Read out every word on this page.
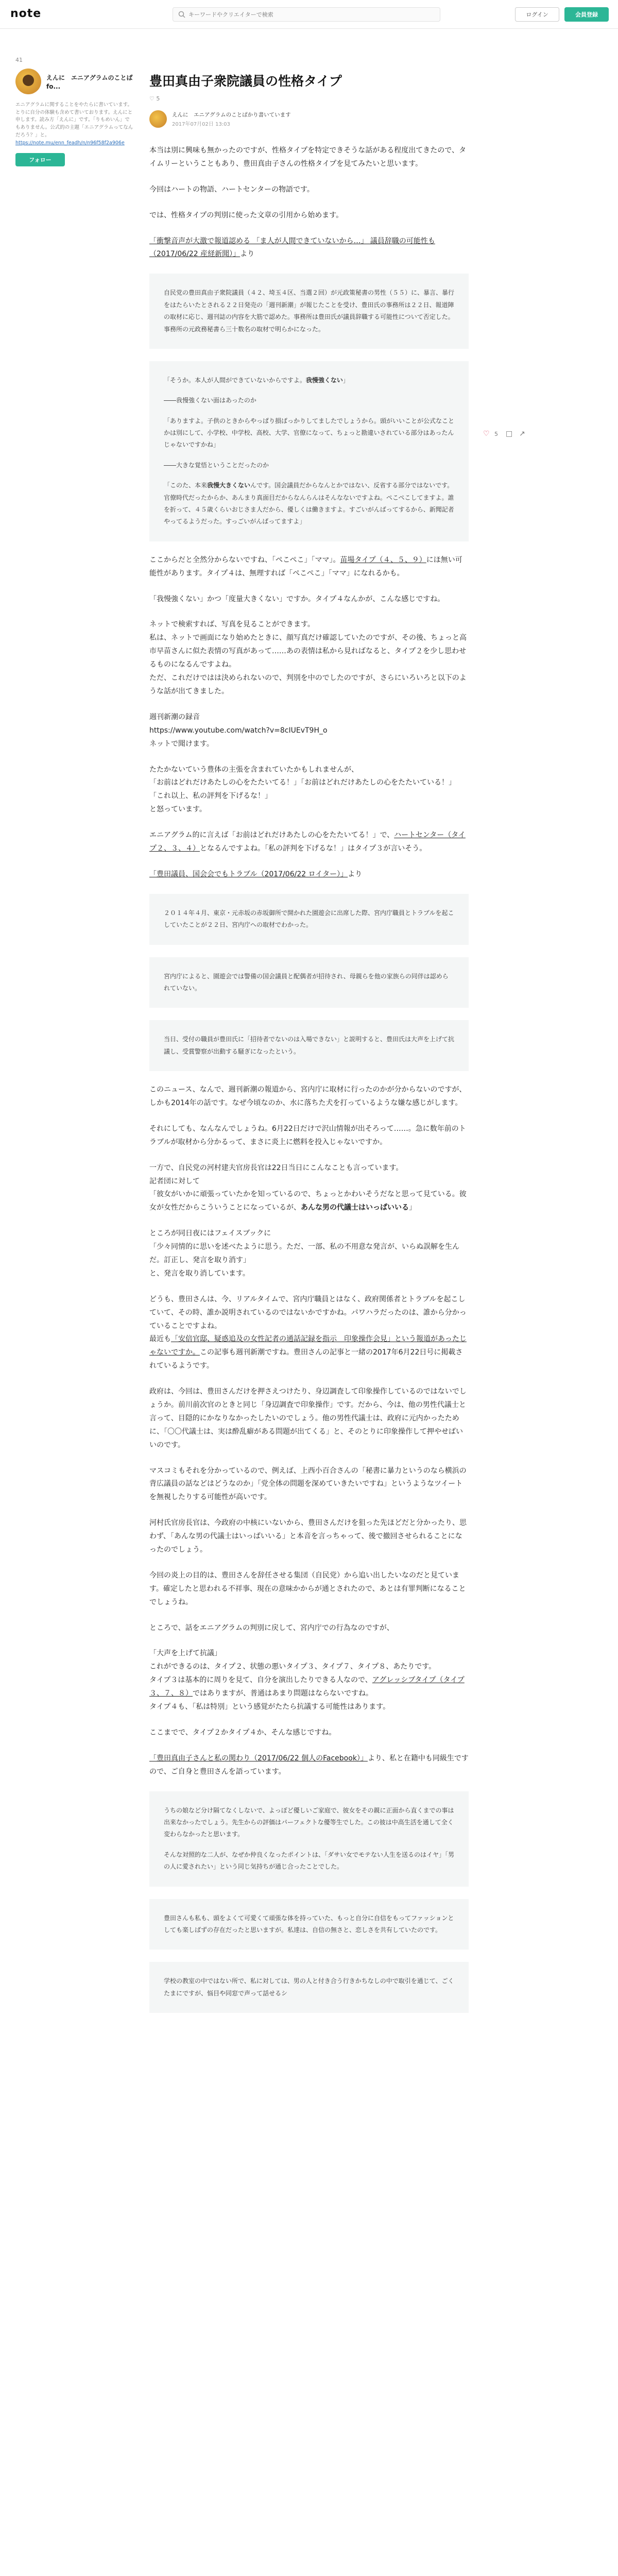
note
キーワードやクリエイターで検索	ログイン	会員登録
41
えんに　エニアグラムのことば fo...
エニアグラムに関することをやたらに書いています。とりに自分の体験も含めて書いております。えんにと申します。読み方「えんに」です。「りもめいん」でもありません。公式的の主題「エニアグラムってなんだろう？」と。
https://note.mu/enn_feadh/n/n96f58f2a906e
フォロー
♡ 5 □ ↗
豊田真由子衆院議員の性格タイプ
♡ 5
えんに　エニアグラムのことばかり書いています
2017年07月02日 13:03

本当は別に興味も無かったのですが、性格タイプを特定できそうな話がある程度出てきたので、タイムリーということもあり、豊田真由子さんの性格タイプを見てみたいと思います。

今回はハートの物語、ハートセンターの物語です。

では、性格タイプの判別に使った文章の引用から始めます。

「衝撃音声が大激で報道認める 「ま人が人間できていないから…」 議員辞職の可能性も（2017/06/22 産経新聞）」より

自民党の豊田真由子衆院議員（４２、埼玉４区、当選２回）が元政策秘書の男性（５５）に、暴言、暴行をはたらいたとされる２２日発売の「週刊新潮」が報じたことを受け、豊田氏の事務所は２２日、報道陣の取材に応じ、週刊誌の内容を大筋で認めた。事務所は豊田氏が議員辞職する可能性について否定した。事務所の元政務秘書ら三十数名の取材で明らかになった。
「そうか。本人が人間ができていないからですよ。我慢強くない」
――我慢強くない面はあったのか
「ありますよ。子供のときからやっぱり損ばっかりしてましたでしょうから。頭がいいことが公式なことかは別にして、小学校、中学校、高校、大学、官僚になって、ちょっと勘違いされている部分はあったんじゃないですかね」
――大きな覚悟ということだったのか
「このた、本来我慢大きくないんです。国会議員だからなんとかではない、反省する部分ではないです。官僚時代だったからか、あんまり真面目だからなんらんはそんなないですよね。ぺこぺこしてますよ。誰を折って、４５歳くらいおじさま人だから、優しくは働きますよ。すごいがんばってするから、新聞記者やってるようだった。すっごいがんばってますよ」

ここからだと全然分からないですね、「ぺこぺこ」「ママ」。苗場タイプ（４、５、９）にほ無い可能性があります。タイプ４は、無理すれば「ぺこぺこ」「ママ」になれるかも。

「我慢強くない」かつ「度量大きくない」ですか。タイプ４なんかが、こんな感じですね。

ネットで検索すれば、写真を見ることができます。
私は、ネットで画面になり始めたときに、顔写真だけ確認していたのですが、その後、ちょっと高市早苗さんに似た表情の写真があって……あの表情は私から見ればなると、タイプ２を少し思わせるものになるんですよね。
ただ、これだけではは決められないので、判別を中のでしたのですが、さらにいろいろと以下のような話が出てきました。

週刊新潮の録音
https://www.youtube.com/watch?v=8cIUEvT9H_o
ネットで聞けます。

たたかないていう豊体の主張を含まれていたかもしれませんが、
「お前はどれだけあたしの心をたたいてる！」「お前はどれだけあたしの心をたたいている！」
「これ以上、私の評判を下げるな！」
と怒っています。

エニアグラム的に言えば「お前はどれだけあたしの心をたたいてる！」で、ハートセンター（タイプ２、３、４）となるんですよね。「私の評判を下げるな！」はタイプ３が言いそう。

「豊田議員、国会会でもトラブル（2017/06/22 ロイター）」より

２０１４年４月、東京・元赤坂の赤坂御所で開かれた園遊会に出席した際、宮内庁職員とトラブルを起こしていたことが２２日、宮内庁への取材でわかった。
宮内庁によると、園遊会では警備の国会議員と配偶者が招待され、母親らを他の家族らの同伴は認められていない。
当日、受付の職員が豊田氏に「招待者でないのは入場できない」と説明すると、豊田氏は大声を上げて抗議し、受賞警察が出動する騒ぎになったという。

このニュース、なんで、週刊新潮の報道から、宮内庁に取材に行ったのかが分からないのですが、しかも2014年の話です。なぜ今頃なのか、水に落ちた犬を打っているような嫌な感じがします。

それにしても、なんなんでしょうね。6月22日だけで沢山情報が出そろって……。急に数年前のトラブルが取材から分かるって、まさに炎上に燃料を投入じゃないですか。

一方で、自民党の河村建夫官房長官は22日当日にこんなことも言っています。
記者団に対して
「彼女がいかに頑張っていたかを知っているので、ちょっとかわいそうだなと思って見ている。彼女が女性だからこういうことになっているが、あんな男の代議士はいっぱいいる」

ところが同日夜にはフェイスブックに
「少々同情的に思いを述べたように思う。ただ、一部、私の不用意な発言が、いらぬ誤解を生んだ。訂正し、発言を取り消す」
と、発言を取り消しています。

どうも、豊田さんは、今、リアルタイムで、宮内庁職員とはなく、政府関係者とトラブルを起こしていて、その時、誰か説明されているのではないかですかね。パワハラだったのは、誰から分かっていることですよね。
最近も「安倍官邸、疑惑追及の女性記者の通話記録を指示　印象操作会見」という報道があったじゃないですか。この記事も週刊新潮ですね。豊田さんの記事と一緒の2017年6月22日号に掲載されているようです。

政府は、今回は、豊田さんだけを押さえつけたり、身辺調査して印象操作しているのではないでしょうか。前川前次官のときと同じ「身辺調査で印象操作」です。だから、今は、他の男性代議士と言って、目隠的にかなりなかったしたいのでしょう。他の男性代議士は、政府に元内かったために、「〇〇代議士は、実は酔乱癖がある問題が出てくる」と、そのとりに印象操作して押やせばいいのです。

マスコミもそれを分かっているので、例えば、上西小百合さんの「秘書に暴力というのなら横浜の背広議員の話などはどうなのか」「党全体の問題を深めていきたいですね」というようなツイートを無視したりする可能性が高いです。

河村氏官房長官は、今政府の中核にいないから、豊田さんだけを狙った先ほどだと分かったり、思わず、「あんな男の代議士はいっぱいいる」と本音を言っちゃって、後で撤回させられることになったのでしょう。

今回の炎上の目的は、豊田さんを辞任させる集団（自民党）から追い出したいなのだと見ています。確定したと思われる不祥事、現在の意味かからが通とされたので、あとは有罪判断になることでしょうね。

ところで、話をエニアグラムの判別に戻して、宮内庁での行為なのですが、

「大声を上げて抗議」
これができるのは、タイプ２、状態の悪いタイプ３、タイプ７、タイプ８、あたりです。
タイプ３は基本的に周りを見て、自分を演出したりできる人なので、アグレッシブタイプ（タイプ３、７、８）ではありますが、普通はあまり問題はならないですね。
タイプ４も、「私は特別」という感覚がたたら抗議する可能性はあります。

ここまでで、タイプ２かタイプ４か、そんな感じですね。

「豊田真由子さんと私の関わり（2017/06/22 個人のFacebook）」より、私と在籍中も同級生ですので、ご自身と豊田さんを語っています。

うちの娘など分け隔てなくしないで、よっぽど優しいご家庭で、彼女をその親に正面から直くまでの事は出来なかったでしょう。先生からの評価はパーフェクトな優等生でした。この彼は中高生活を通して全く変わらなかったと思います。
そんな対照的な二人が、なぜか仲良くなったポイントは、「ダサい女でモテない人生を送るのはイヤ」「男の人に愛されたい」という同じ気持ちが通じ合ったことでした。
豊田さんも私も、頭をよくて可愛くて頑張な体を持っていた、もっと自分に自信をもってファッションとしても楽しばずの存在だったと思いますが。私達は、自信の無さと、恋しさを共有していたのです。
学校の教室の中ではない所で、私に対しては、男の人と付き合う行きかちなしの中で取引を通じて、ごくたまにですが、悩目や同窓で声って話せるシ
